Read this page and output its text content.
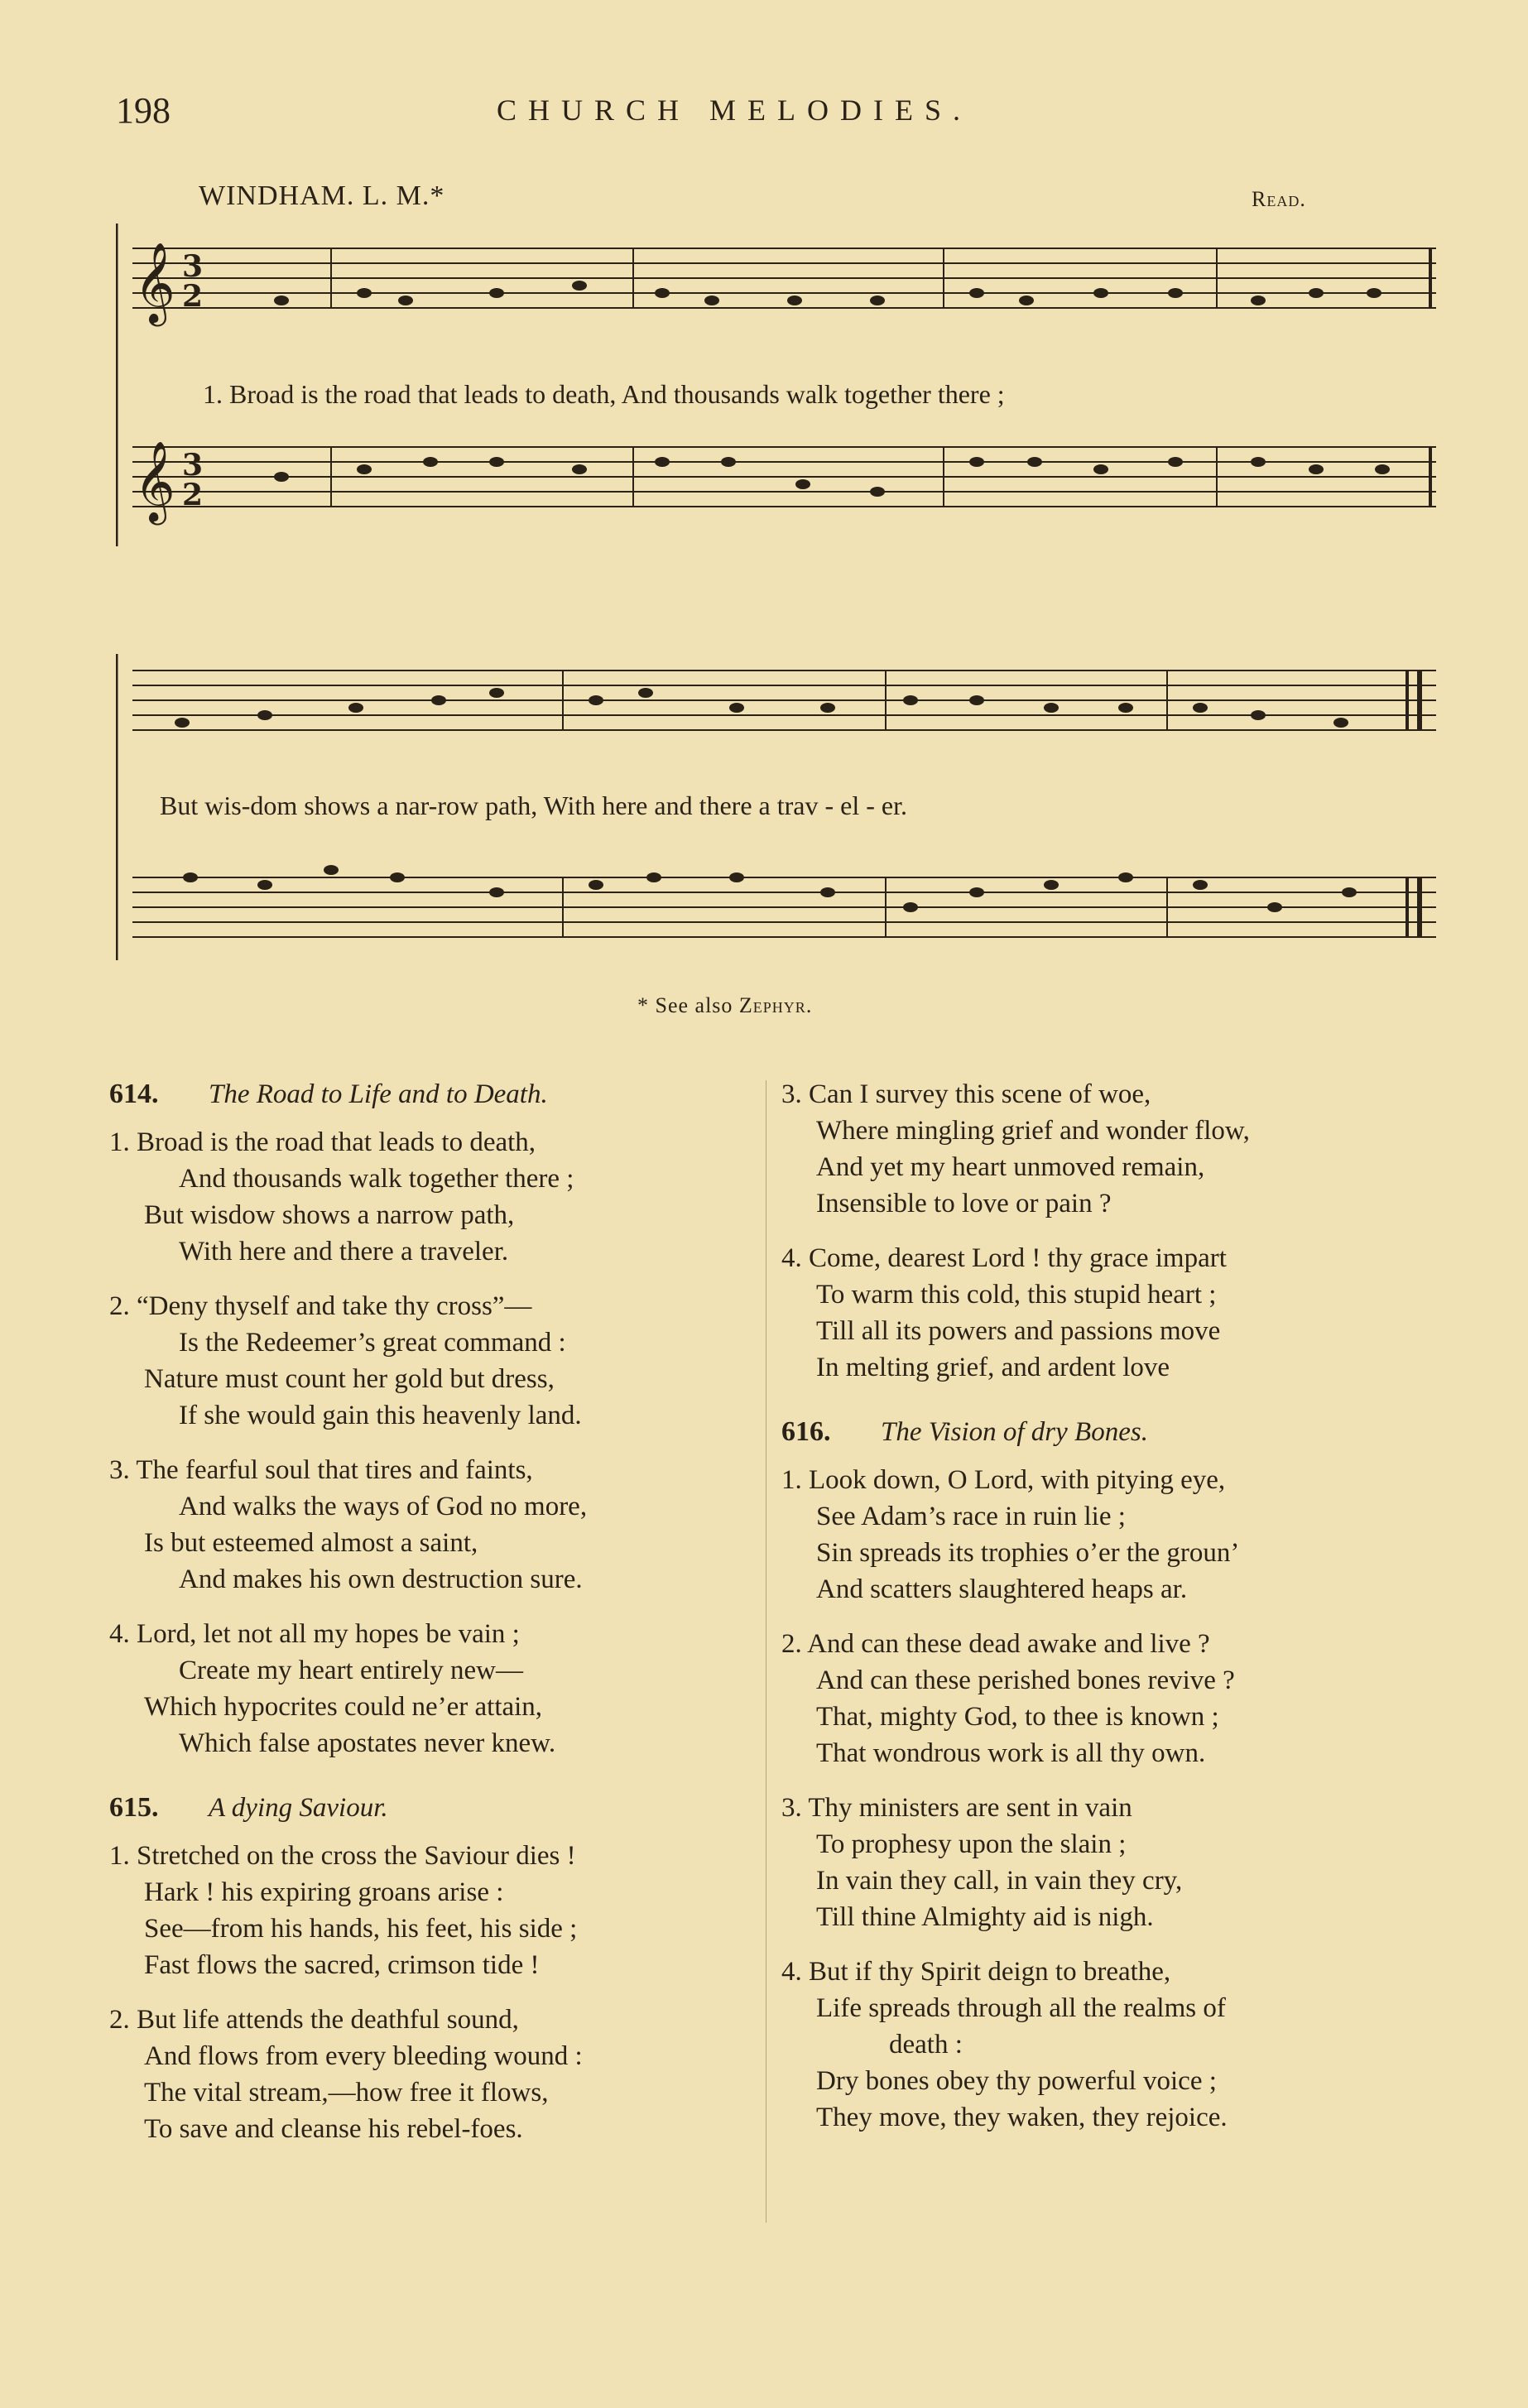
198	CHURCH MELODIES.
WINDHAM. L. M.*	Read.
𝄞
𝄞
3
2
3
2
1. Broad is the road that leads to death, And thousands walk together there ;
But wis-dom shows a nar-row path, With here and there a trav - el - er.
* See also Zephyr.
614.	The Road to Life and to Death.
1. Broad is the road that leads to death,
And thousands walk together there ;
But wisdow shows a narrow path,
With here and there a traveler.
2. “Deny thyself and take thy cross”—
Is the Redeemer’s great command :
Nature must count her gold but dress,
If she would gain this heavenly land.
3. The fearful soul that tires and faints,
And walks the ways of God no more,
Is but esteemed almost a saint,
And makes his own destruction sure.
4. Lord, let not all my hopes be vain ;
Create my heart entirely new—
Which hypocrites could ne’er attain,
Which false apostates never knew.
615.	A dying Saviour.
1. Stretched on the cross the Saviour dies !
Hark ! his expiring groans arise :
See—from his hands, his feet, his side ;
Fast flows the sacred, crimson tide !
2. But life attends the deathful sound,
And flows from every bleeding wound :
The vital stream,—how free it flows,
To save and cleanse his rebel-foes.
3. Can I survey this scene of woe,
Where mingling grief and wonder flow,
And yet my heart unmoved remain,
Insensible to love or pain ?
4. Come, dearest Lord ! thy grace impart
To warm this cold, this stupid heart ;
Till all its powers and passions move
In melting grief, and ardent love
616.	The Vision of dry Bones.
1. Look down, O Lord, with pitying eye,
See Adam’s race in ruin lie ;
Sin spreads its trophies o’er the groun’
And scatters slaughtered heaps ar.
2. And can these dead awake and live ?
And can these perished bones revive ?
That, mighty God, to thee is known ;
That wondrous work is all thy own.
3. Thy ministers are sent in vain
To prophesy upon the slain ;
In vain they call, in vain they cry,
Till thine Almighty aid is nigh.
4. But if thy Spirit deign to breathe,
Life spreads through all the realms of
death :
Dry bones obey thy powerful voice ;
They move, they waken, they rejoice.
